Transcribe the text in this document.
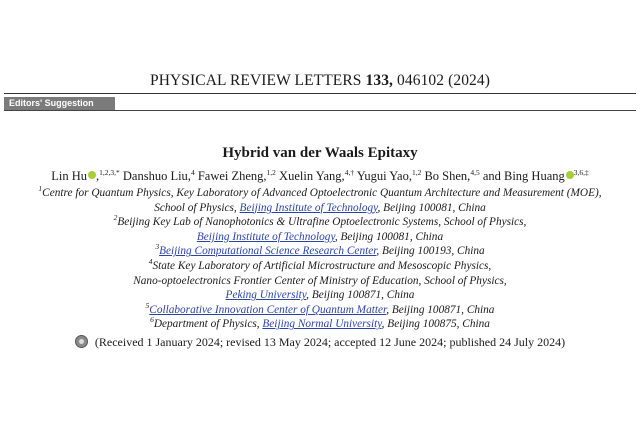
PHYSICAL REVIEW LETTERS 133, 046102 (2024)
Editors' Suggestion
Hybrid van der Waals Epitaxy
Lin Hu ,$^{1,2,3,*}$ Danshuo Liu,$^4$ Fawei Zheng,$^{1,2}$ Xuelin Yang,$^{4,\dagger}$ Yugui Yao,$^{1,2}$ Bo Shen,$^{4,5}$ and Bing Huang $^{3,6,\ddagger}$
$^1$Centre for Quantum Physics, Key Laboratory of Advanced Optoelectronic Quantum Architecture and Measurement (MOE),
School of Physics, Beijing Institute of Technology, Beijing 100081, China
$^2$Beijing Key Lab of Nanophotonics & Ultrafine Optoelectronic Systems, School of Physics,
Beijing Institute of Technology, Beijing 100081, China
$^3$Beijing Computational Science Research Center, Beijing 100193, China
$^4$State Key Laboratory of Artificial Microstructure and Mesoscopic Physics,
Nano-optoelectronics Frontier Center of Ministry of Education, School of Physics,
Peking University, Beijing 100871, China
$^5$Collaborative Innovation Center of Quantum Matter, Beijing 100871, China
$^6$Department of Physics, Beijing Normal University, Beijing 100875, China
(Received 1 January 2024; revised 13 May 2024; accepted 12 June 2024; published 24 July 2024)
